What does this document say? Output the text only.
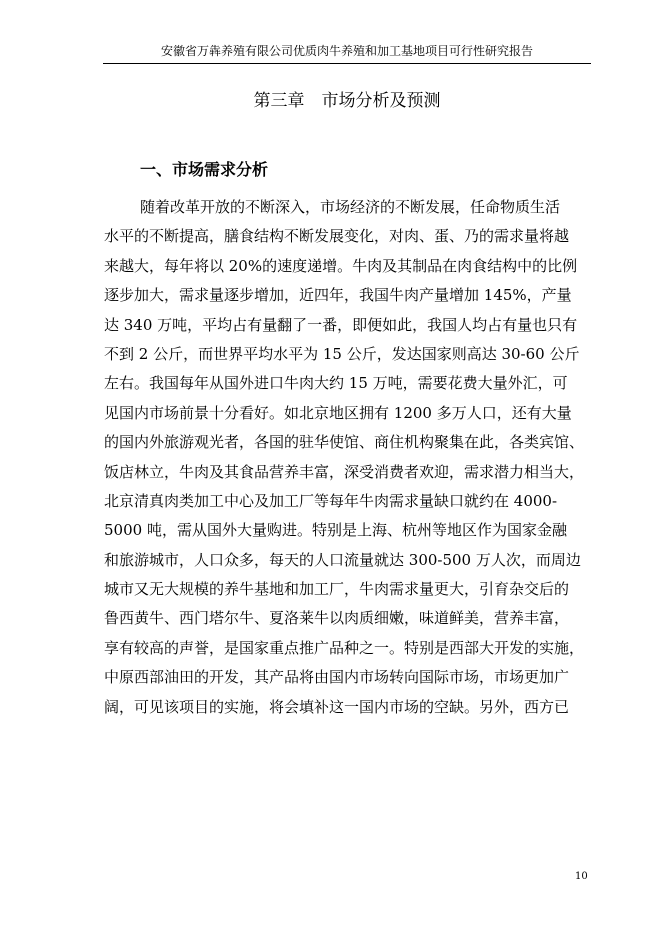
安徽省万犇养殖有限公司优质肉牛养殖和加工基地项目可行性研究报告
第三章　市场分析及预测
一、市场需求分析
随着改革开放的不断深入，市场经济的不断发展，任命物质生活
水平的不断提高，膳食结构不断发展变化，对肉、蛋、乃的需求量将越
来越大，每年将以 20%的速度递增。牛肉及其制品在肉食结构中的比例
逐步加大，需求量逐步增加，近四年，我国牛肉产量增加 145%，产量
达 340 万吨，平均占有量翻了一番，即便如此，我国人均占有量也只有
不到 2 公斤，而世界平均水平为 15 公斤，发达国家则高达 30-60 公斤
左右。我国每年从国外进口牛肉大约 15 万吨，需要花费大量外汇，可
见国内市场前景十分看好。如北京地区拥有 1200 多万人口，还有大量
的国内外旅游观光者，各国的驻华使馆、商住机构聚集在此，各类宾馆、
饭店林立，牛肉及其食品营养丰富，深受消费者欢迎，需求潜力相当大，
北京清真肉类加工中心及加工厂等每年牛肉需求量缺口就约在 4000-
5000 吨，需从国外大量购进。特别是上海、杭州等地区作为国家金融
和旅游城市，人口众多，每天的人口流量就达 300-500 万人次，而周边
城市又无大规模的养牛基地和加工厂，牛肉需求量更大，引育杂交后的
鲁西黄牛、西门塔尔牛、夏洛莱牛以肉质细嫩，味道鲜美，营养丰富，
享有较高的声誉，是国家重点推广品种之一。特别是西部大开发的实施，
中原西部油田的开发，其产品将由国内市场转向国际市场，市场更加广
阔，可见该项目的实施，将会填补这一国内市场的空缺。另外，西方已
10
